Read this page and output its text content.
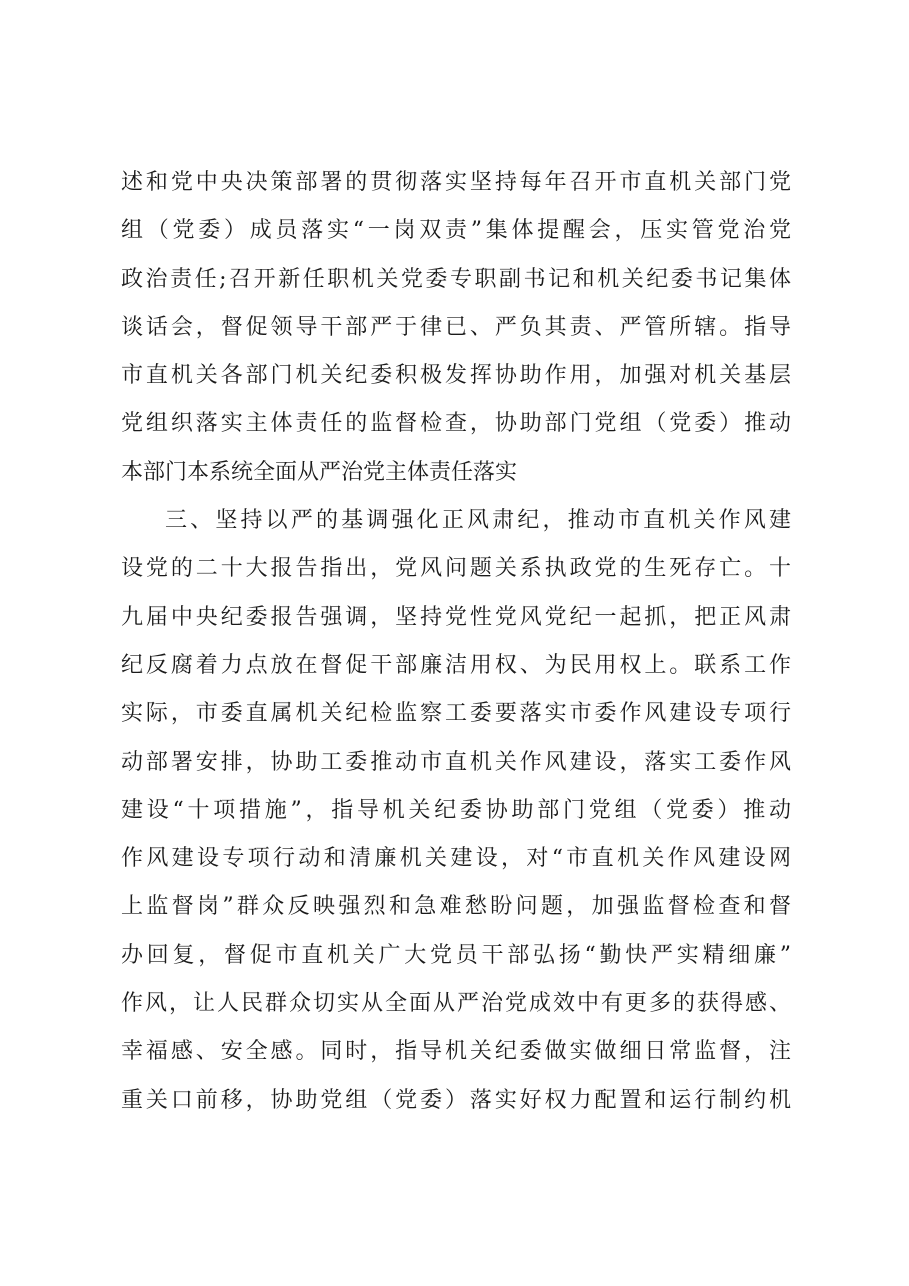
述和党中央决策部署的贯彻落实坚持每年召开市直机关部门党
组（党委）成员落实“一岗双责”集体提醒会，压实管党治党
政治责任;召开新任职机关党委专职副书记和机关纪委书记集体
谈话会，督促领导干部严于律已、严负其责、严管所辖。指导
市直机关各部门机关纪委积极发挥协助作用，加强对机关基层
党组织落实主体责任的监督检查，协助部门党组（党委）推动
本部门本系统全面从严治党主体责任落实
三、坚持以严的基调强化正风肃纪，推动市直机关作风建
设党的二十大报告指出，党风问题关系执政党的生死存亡。十
九届中央纪委报告强调，坚持党性党风党纪一起抓，把正风肃
纪反腐着力点放在督促干部廉洁用权、为民用权上。联系工作
实际，市委直属机关纪检监察工委要落实市委作风建设专项行
动部署安排，协助工委推动市直机关作风建设，落实工委作风
建设“十项措施”，指导机关纪委协助部门党组（党委）推动
作风建设专项行动和清廉机关建设，对“市直机关作风建设网
上监督岗”群众反映强烈和急难愁盼问题，加强监督检查和督
办回复，督促市直机关广大党员干部弘扬“勤快严实精细廉”
作风，让人民群众切实从全面从严治党成效中有更多的获得感、
幸福感、安全感。同时，指导机关纪委做实做细日常监督，注
重关口前移，协助党组（党委）落实好权力配置和运行制约机
